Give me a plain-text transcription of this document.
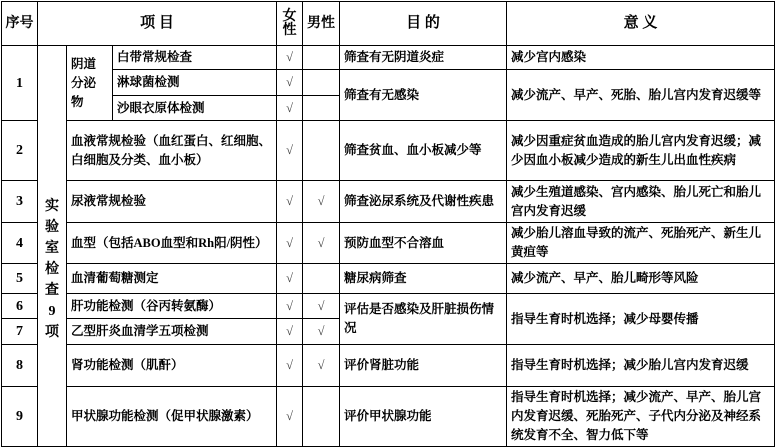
序号	项 目			女性	男性	目 的	意 义
1	实验室检查9项	阴道分泌物	白带常规检查	√		筛查有无阴道炎症	减少宫内感染
			淋球菌检测	√		筛查有无感染	减少流产、早产、死胎、胎儿宫内发育迟缓等
			沙眼衣原体检测	√			
2		血液常规检验（血红蛋白、红细胞、白细胞及分类、血小板）		√		筛查贫血、血小板减少等	减少因重症贫血造成的胎儿宫内发育迟缓；减少因血小板减少造成的新生儿出血性疾病
3		尿液常规检验		√	√	筛查泌尿系统及代谢性疾患	减少生殖道感染、宫内感染、胎儿死亡和胎儿宫内发育迟缓
4		血型（包括ABO血型和Rh阳/阴性）		√	√	预防血型不合溶血	减少胎儿溶血导致的流产、死胎死产、新生儿黄疸等
5		血清葡萄糖测定		√		糖尿病筛查	减少流产、早产、胎儿畸形等风险
6		肝功能检测（谷丙转氨酶）		√	√	评估是否感染及肝脏损伤情况	指导生育时机选择；减少母婴传播
7		乙型肝炎血清学五项检测		√	√		
8		肾功能检测（肌酐）		√	√	评价肾脏功能	指导生育时机选择；减少胎儿宫内发育迟缓
9		甲状腺功能检测（促甲状腺激素）		√		评价甲状腺功能	指导生育时机选择；减少流产、早产、胎儿宫内发育迟缓、死胎死产、子代内分泌及神经系统发育不全、智力低下等
